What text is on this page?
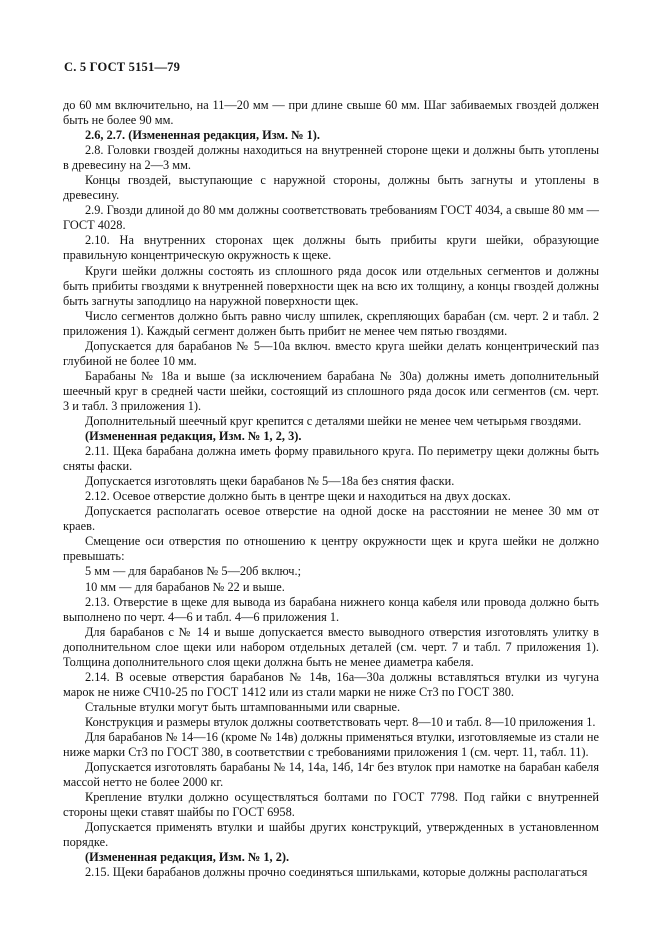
С. 5 ГОСТ 5151—79

до 60 мм включительно, на 11—20 мм — при длине свыше 60 мм. Шаг забиваемых гвоздей должен быть не более 90 мм.

2.6, 2.7. (Измененная редакция, Изм. № 1).

2.8. Головки гвоздей должны находиться на внутренней стороне щеки и должны быть утоплены в древесину на 2—3 мм.

Концы гвоздей, выступающие с наружной стороны, должны быть загнуты и утоплены в древесину.

2.9. Гвозди длиной до 80 мм должны соответствовать требованиям ГОСТ 4034, а свыше 80 мм — ГОСТ 4028.

2.10. На внутренних сторонах щек должны быть прибиты круги шейки, образующие правильную концентрическую окружность к щеке.

Круги шейки должны состоять из сплошного ряда досок или отдельных сегментов и должны быть прибиты гвоздями к внутренней поверхности щек на всю их толщину, а концы гвоздей должны быть загнуты заподлицо на наружной поверхности щек.

Число сегментов должно быть равно числу шпилек, скрепляющих барабан (см. черт. 2 и табл. 2 приложения 1). Каждый сегмент должен быть прибит не менее чем пятью гвоздями.

Допускается для барабанов № 5—10а включ. вместо круга шейки делать концентрический паз глубиной не более 10 мм.

Барабаны № 18а и выше (за исключением барабана № 30а) должны иметь дополнительный шеечный круг в средней части шейки, состоящий из сплошного ряда досок или сегментов (см. черт. 3 и табл. 3 приложения 1).

Дополнительный шеечный круг крепится с деталями шейки не менее чем четырьмя гвоздями.

(Измененная редакция, Изм. № 1, 2, 3).

2.11. Щека барабана должна иметь форму правильного круга. По периметру щеки должны быть сняты фаски.

Допускается изготовлять щеки барабанов № 5—18а без снятия фаски.

2.12. Осевое отверстие должно быть в центре щеки и находиться на двух досках.

Допускается располагать осевое отверстие на одной доске на расстоянии не менее 30 мм от краев.

Смещение оси отверстия по отношению к центру окружности щек и круга шейки не должно превышать:

5 мм — для барабанов № 5—20б включ.;

10 мм — для барабанов № 22 и выше.

2.13. Отверстие в щеке для вывода из барабана нижнего конца кабеля или провода должно быть выполнено по черт. 4—6 и табл. 4—6 приложения 1.

Для барабанов с № 14 и выше допускается вместо выводного отверстия изготовлять улитку в дополнительном слое щеки или набором отдельных деталей (см. черт. 7 и табл. 7 приложения 1). Толщина дополнительного слоя щеки должна быть не менее диаметра кабеля.

2.14. В осевые отверстия барабанов № 14в, 16а—30а должны вставляться втулки из чугуна марок не ниже СЧ10-25 по ГОСТ 1412 или из стали марки не ниже Ст3 по ГОСТ 380.

Стальные втулки могут быть штампованными или сварные.

Конструкция и размеры втулок должны соответствовать черт. 8—10 и табл. 8—10 приложения 1.

Для барабанов № 14—16 (кроме № 14в) должны применяться втулки, изготовляемые из стали не ниже марки Ст3 по ГОСТ 380, в соответствии с требованиями приложения 1 (см. черт. 11, табл. 11).

Допускается изготовлять барабаны № 14, 14а, 14б, 14г без втулок при намотке на барабан кабеля массой нетто не более 2000 кг.

Крепление втулки должно осуществляться болтами по ГОСТ 7798. Под гайки с внутренней стороны щеки ставят шайбы по ГОСТ 6958.

Допускается применять втулки и шайбы других конструкций, утвержденных в установленном порядке.

(Измененная редакция, Изм. № 1, 2).

2.15. Щеки барабанов должны прочно соединяться шпильками, которые должны располагаться
